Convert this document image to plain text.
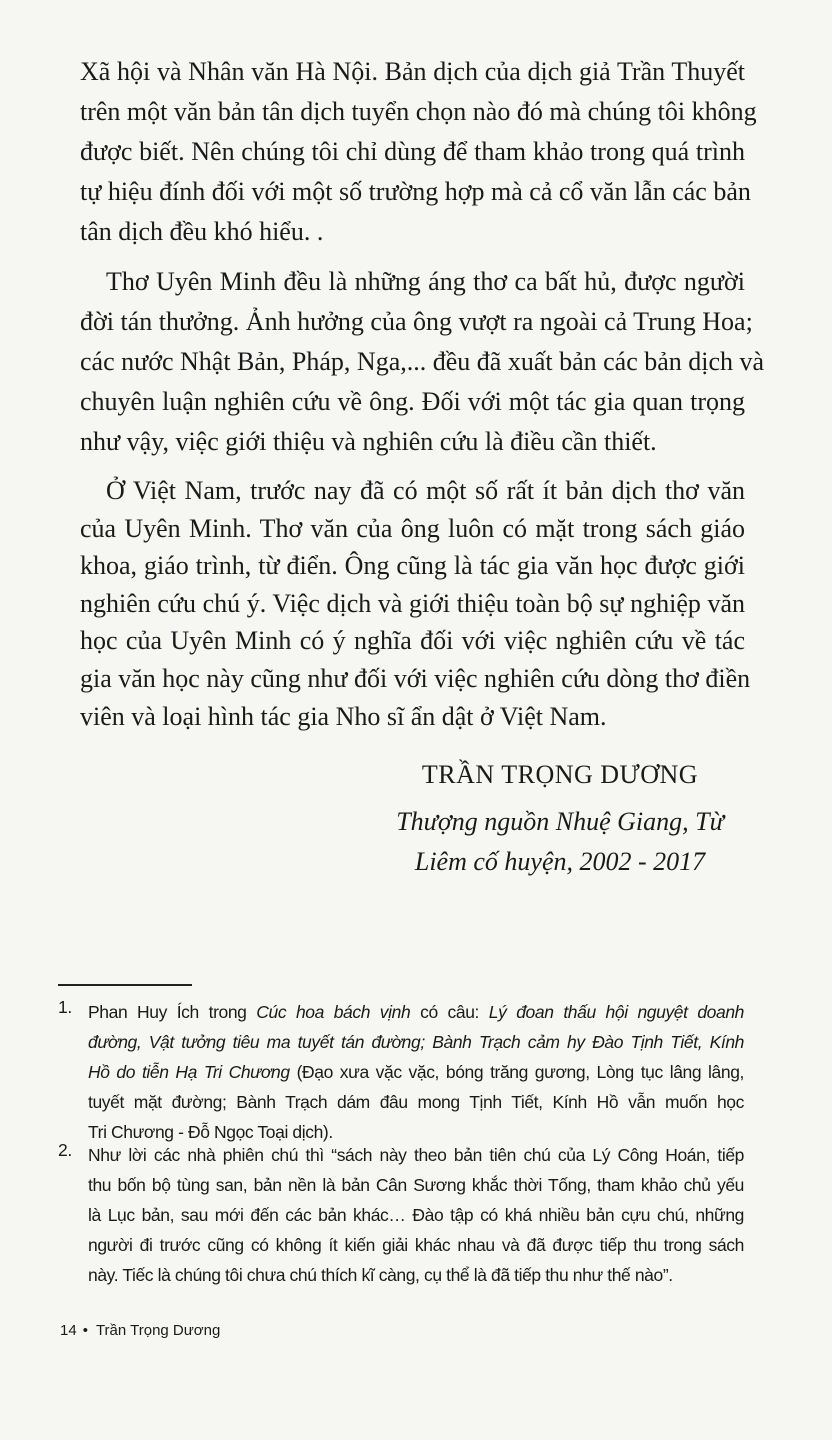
Xã hội và Nhân văn Hà Nội. Bản dịch của dịch giả Trần Thuyết
trên một văn bản tân dịch tuyển chọn nào đó mà chúng tôi không
được biết. Nên chúng tôi chỉ dùng để tham khảo trong quá trình
tự hiệu đính đối với một số trường hợp mà cả cổ văn lẫn các bản
tân dịch đều khó hiểu. .
Thơ Uyên Minh đều là những áng thơ ca bất hủ, được người
đời tán thưởng. Ảnh hưởng của ông vượt ra ngoài cả Trung Hoa;
các nước Nhật Bản, Pháp, Nga,... đều đã xuất bản các bản dịch và
chuyên luận nghiên cứu về ông. Đối với một tác gia quan trọng
như vậy, việc giới thiệu và nghiên cứu là điều cần thiết.
Ở Việt Nam, trước nay đã có một số rất ít bản dịch thơ văn
của Uyên Minh. Thơ văn của ông luôn có mặt trong sách giáo
khoa, giáo trình, từ điển. Ông cũng là tác gia văn học được giới
nghiên cứu chú ý. Việc dịch và giới thiệu toàn bộ sự nghiệp văn
học của Uyên Minh có ý nghĩa đối với việc nghiên cứu về tác
gia văn học này cũng như đối với việc nghiên cứu dòng thơ điền
viên và loại hình tác gia Nho sĩ ẩn dật ở Việt Nam.
TRẦN TRỌNG DƯƠNG
Thượng nguồn Nhuệ Giang, Từ
Liêm cố huyện, 2002 - 2017
1. Phan Huy Ích trong Cúc hoa bách vịnh có câu: Lý đoan thấu hội nguyệt doanh
đường, Vật tưởng tiêu ma tuyết tán đường; Bành Trạch cảm hy Đào Tịnh Tiết, Kính
Hồ do tiễn Hạ Tri Chương (Đạo xưa vặc vặc, bóng trăng gương, Lòng tục lâng lâng,
tuyết mặt đường; Bành Trạch dám đâu mong Tịnh Tiết, Kính Hồ vẫn muốn học
Tri Chương - Đỗ Ngọc Toại dịch).
2. Như lời các nhà phiên chú thì “sách này theo bản tiên chú của Lý Công Hoán, tiếp
thu bốn bộ tùng san, bản nền là bản Cân Sương khắc thời Tống, tham khảo chủ yếu
là Lục bản, sau mới đến các bản khác… Đào tập có khá nhiều bản cựu chú, những
người đi trước cũng có không ít kiến giải khác nhau và đã được tiếp thu trong sách
này. Tiếc là chúng tôi chưa chú thích kĩ càng, cụ thể là đã tiếp thu như thế nào”.
14 • Trần Trọng Dương
